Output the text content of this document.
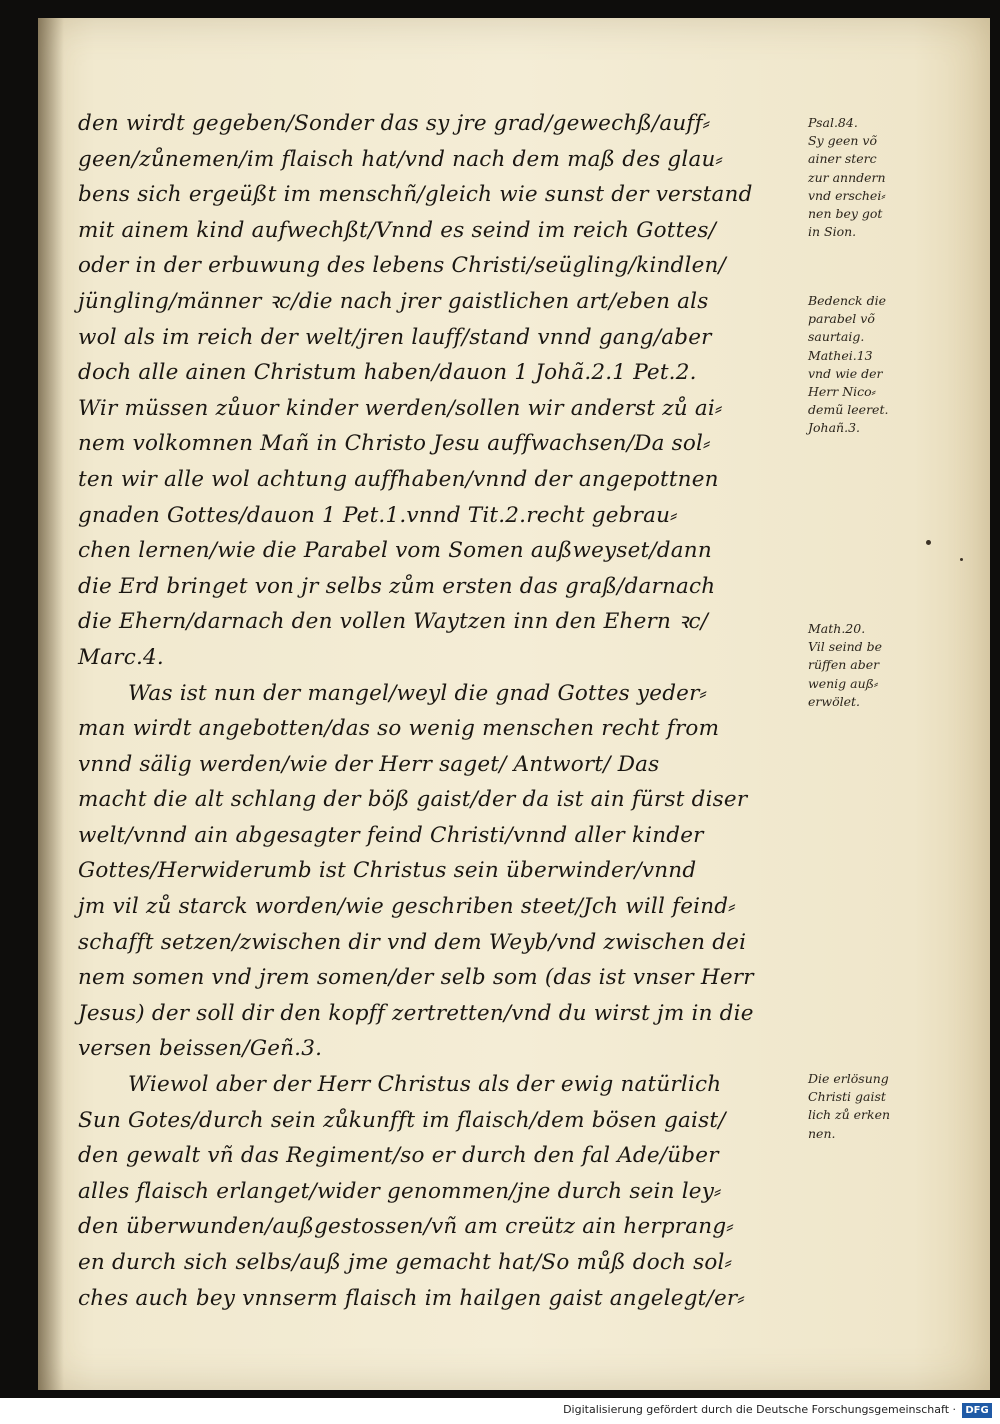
den wirdt gegeben/Sonder das sy jre grad/gewechß/auff⸗
geen/zůnemen/im flaisch hat/vnd nach dem maß des glau⸗
bens sich ergeüßt im menschñ/gleich wie sunst der verstand
mit ainem kind aufwechßt/Vnnd es seind im reich Gottes/
oder in der erbuwung des lebens Christi/seügling/kindlen/
jüngling/männer ꝛc/die nach jrer gaistlichen art/eben als
wol als im reich der welt/jren lauff/stand vnnd gang/aber
doch alle ainen Christum haben/dauon 1 Johã.2.1 Pet.2.
Wir müssen zůuor kinder werden/sollen wir anderst zů ai⸗
nem volkomnen Mañ in Christo Jesu auffwachsen/Da sol⸗
ten wir alle wol achtung auffhaben/vnnd der angepottnen
gnaden Gottes/dauon 1 Pet.1.vnnd Tit.2.recht gebrau⸗
chen lernen/wie die Parabel vom Somen außweyset/dann
die Erd bringet von jr selbs zům ersten das graß/darnach
die Ehern/darnach den vollen Waytzen inn den Ehern ꝛc/
Marc.4.
Was ist nun der mangel/weyl die gnad Gottes yeder⸗
man wirdt angebotten/das so wenig menschen recht from
vnnd sälig werden/wie der Herr saget/ Antwort/ Das
macht die alt schlang der böß gaist/der da ist ain fürst diser
welt/vnnd ain abgesagter feind Christi/vnnd aller kinder
Gottes/Herwiderumb ist Christus sein überwinder/vnnd
jm vil zů starck worden/wie geschriben steet/Jch will feind⸗
schafft setzen/zwischen dir vnd dem Weyb/vnd zwischen dei
nem somen vnd jrem somen/der selb som (das ist vnser Herr
Jesus) der soll dir den kopff zertretten/vnd du wirst jm in die
versen beissen/Geñ.3.
Wiewol aber der Herr Christus als der ewig natürlich
Sun Gotes/durch sein zůkunfft im flaisch/dem bösen gaist/
den gewalt vñ das Regiment/so er durch den fal Ade/über
alles flaisch erlanget/wider genommen/jne durch sein ley⸗
den überwunden/außgestossen/vñ am creütz ain herprang⸗
en durch sich selbs/auß jme gemacht hat/So můß doch sol⸗
ches auch bey vnnserm flaisch im hailgen gaist angelegt/er⸗
Psal.84.
Sy geen võ
ainer sterc
zur anndern
vnd erschei⸗
nen bey got
in Sion.
Bedenck die
parabel võ
saurtaig.
Mathei.13
vnd wie der
Herr Nico⸗
demũ leeret.
Johañ.3.
Math.20.
Vil seind be
rüffen aber
wenig auß⸗
erwölet.
Die erlösung
Christi gaist
lich zů erken
nen.
Digitalisierung gefördert durch die Deutsche Forschungsgemeinschaft · DFG
